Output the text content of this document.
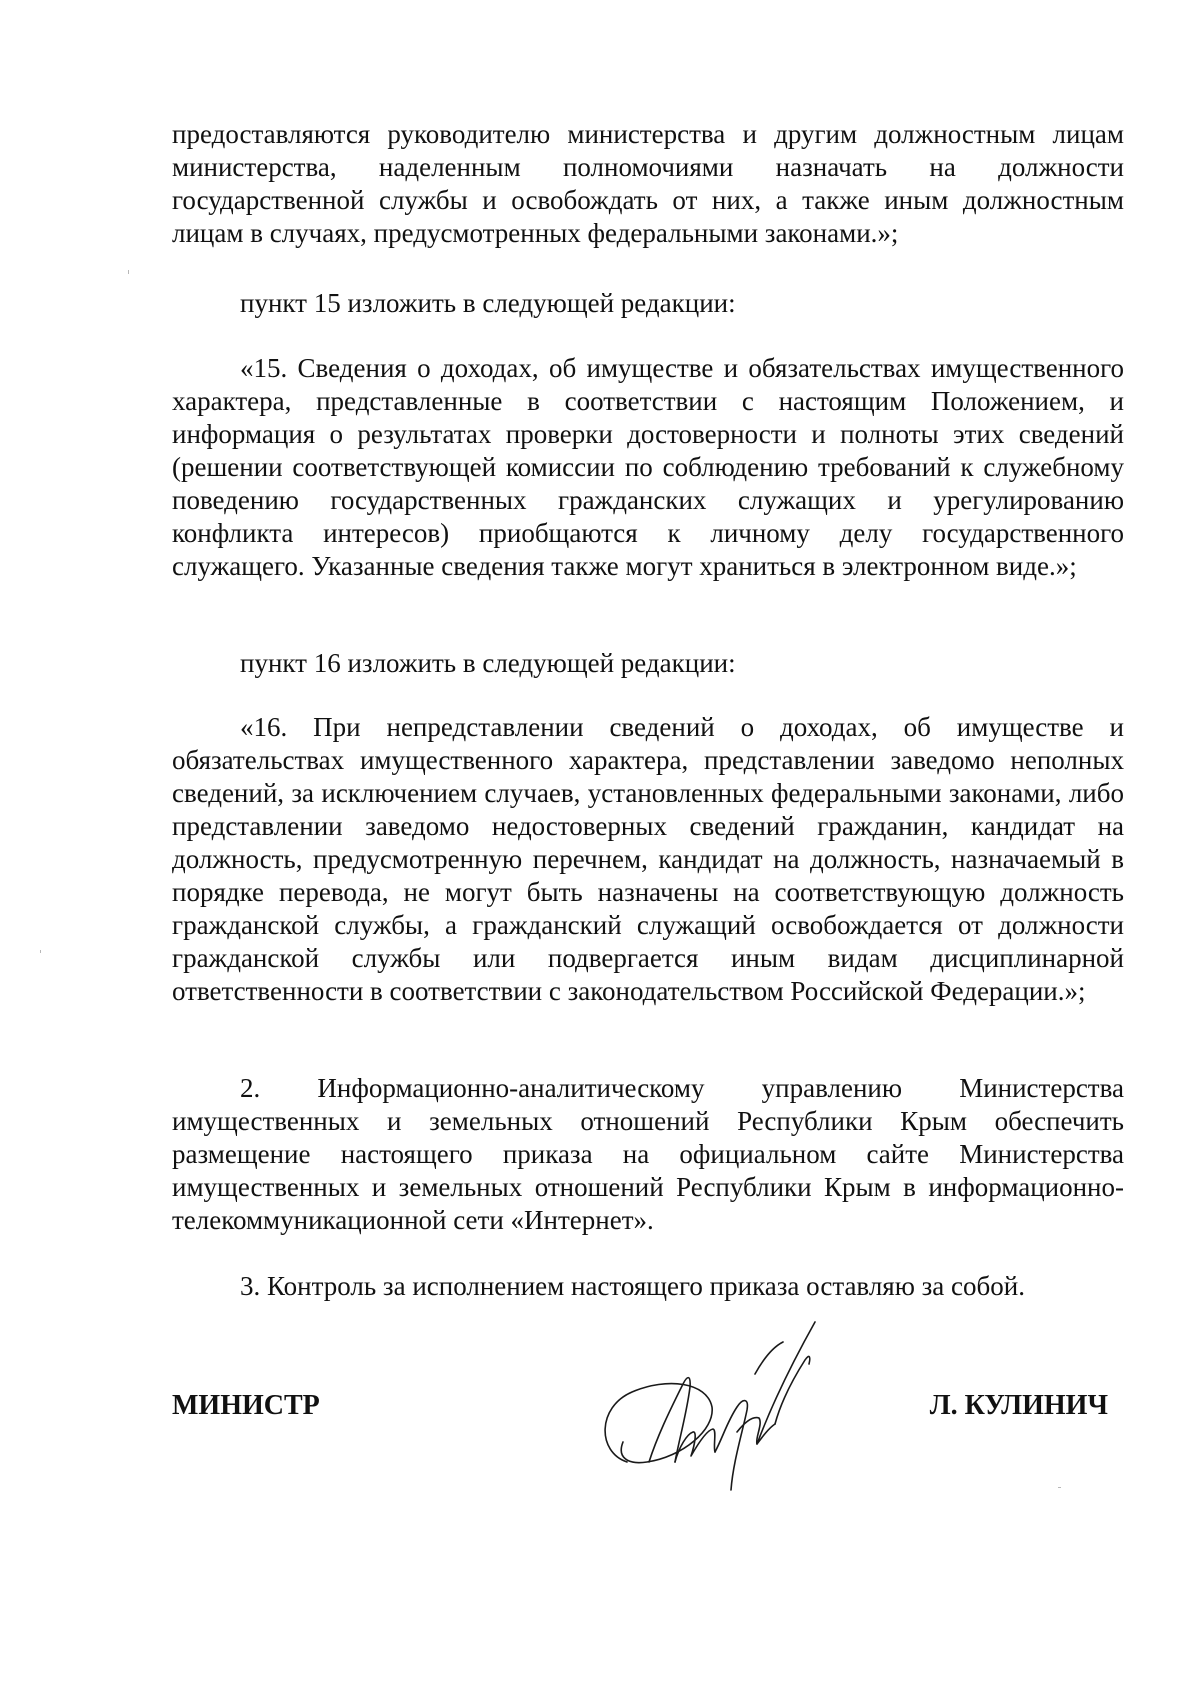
предоставляются руководителю министерства и другим должностным лицам министерства, наделенным полномочиями назначать на должности государственной службы и освобождать от них, а также иным должностным лицам в случаях, предусмотренных федеральными законами.»;

пункт 15 изложить в следующей редакции:

«15. Сведения о доходах, об имуществе и обязательствах имущественного характера, представленные в соответствии с настоящим Положением, и информация о результатах проверки достоверности и полноты этих сведений (решении соответствующей комиссии по соблюдению требований к служебному поведению государственных гражданских служащих и урегулированию конфликта интересов) приобщаются к личному делу государственного служащего. Указанные сведения также могут храниться в электронном виде.»;

пункт 16 изложить в следующей редакции:

«16. При непредставлении сведений о доходах, об имуществе и обязательствах имущественного характера, представлении заведомо неполных сведений, за исключением случаев, установленных федеральными законами, либо представлении заведомо недостоверных сведений гражданин, кандидат на должность, предусмотренную перечнем, кандидат на должность, назначаемый в порядке перевода, не могут быть назначены на соответствующую должность гражданской службы, а гражданский служащий освобождается от должности гражданской службы или подвергается иным видам дисциплинарной ответственности в соответствии с законодательством Российской Федерации.»;

2. Информационно-аналитическому управлению Министерства имущественных и земельных отношений Республики Крым обеспечить размещение настоящего приказа на официальном сайте Министерства имущественных и земельных отношений Республики Крым в информационно-телекоммуникационной сети «Интернет».

3. Контроль за исполнением настоящего приказа оставляю за собой.

МИНИСТР	Л. КУЛИНИЧ
